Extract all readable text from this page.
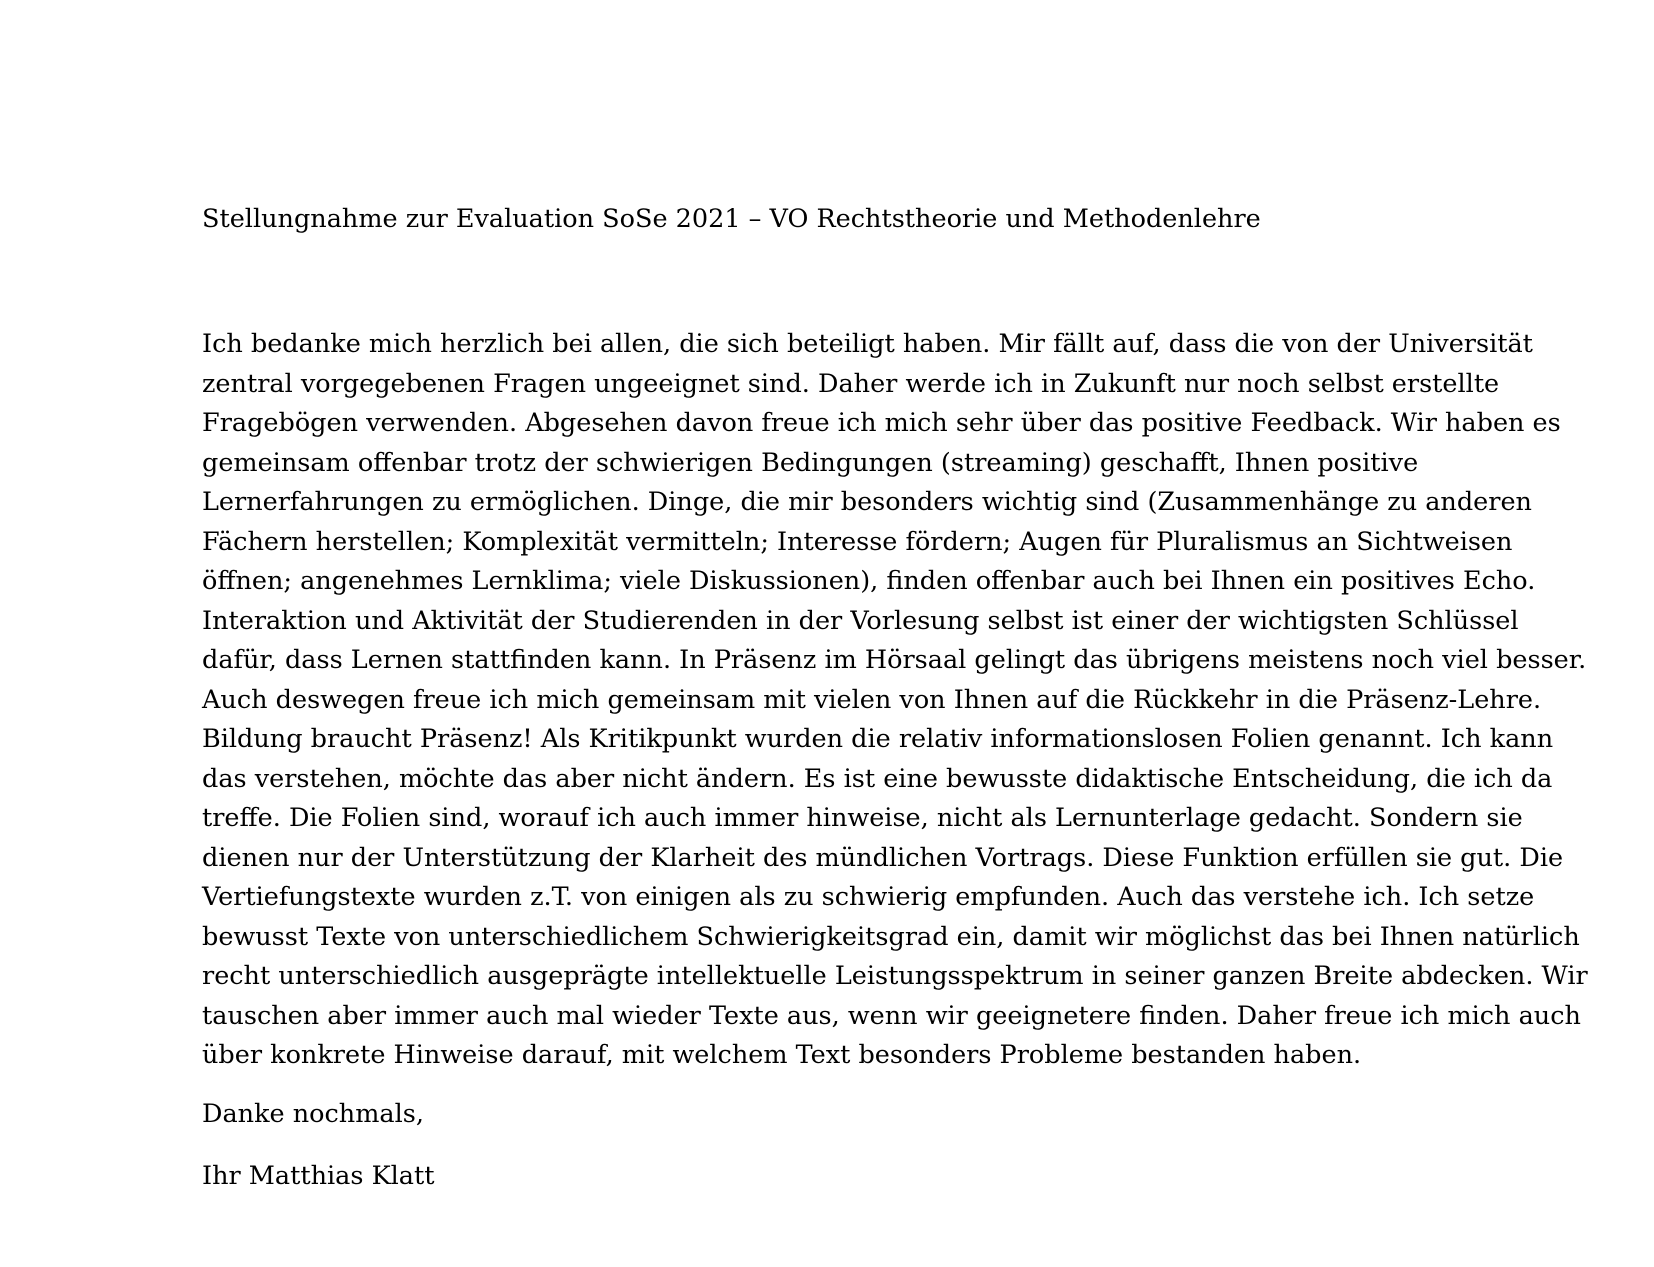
Stellungnahme zur Evaluation SoSe 2021 – VO Rechtstheorie und Methodenlehre
Ich bedanke mich herzlich bei allen, die sich beteiligt haben. Mir fällt auf, dass die von der Universität
zentral vorgegebenen Fragen ungeeignet sind. Daher werde ich in Zukunft nur noch selbst erstellte
Fragebögen verwenden. Abgesehen davon freue ich mich sehr über das positive Feedback. Wir haben es
gemeinsam offenbar trotz der schwierigen Bedingungen (streaming) geschafft, Ihnen positive
Lernerfahrungen zu ermöglichen. Dinge, die mir besonders wichtig sind (Zusammenhänge zu anderen
Fächern herstellen; Komplexität vermitteln; Interesse fördern; Augen für Pluralismus an Sichtweisen
öffnen; angenehmes Lernklima; viele Diskussionen), finden offenbar auch bei Ihnen ein positives Echo.
Interaktion und Aktivität der Studierenden in der Vorlesung selbst ist einer der wichtigsten Schlüssel
dafür, dass Lernen stattfinden kann. In Präsenz im Hörsaal gelingt das übrigens meistens noch viel besser.
Auch deswegen freue ich mich gemeinsam mit vielen von Ihnen auf die Rückkehr in die Präsenz-Lehre.
Bildung braucht Präsenz! Als Kritikpunkt wurden die relativ informationslosen Folien genannt. Ich kann
das verstehen, möchte das aber nicht ändern. Es ist eine bewusste didaktische Entscheidung, die ich da
treffe. Die Folien sind, worauf ich auch immer hinweise, nicht als Lernunterlage gedacht. Sondern sie
dienen nur der Unterstützung der Klarheit des mündlichen Vortrags. Diese Funktion erfüllen sie gut. Die
Vertiefungstexte wurden z.T. von einigen als zu schwierig empfunden. Auch das verstehe ich. Ich setze
bewusst Texte von unterschiedlichem Schwierigkeitsgrad ein, damit wir möglichst das bei Ihnen natürlich
recht unterschiedlich ausgeprägte intellektuelle Leistungsspektrum in seiner ganzen Breite abdecken. Wir
tauschen aber immer auch mal wieder Texte aus, wenn wir geeignetere finden. Daher freue ich mich auch
über konkrete Hinweise darauf, mit welchem Text besonders Probleme bestanden haben.
Danke nochmals,
Ihr Matthias Klatt
